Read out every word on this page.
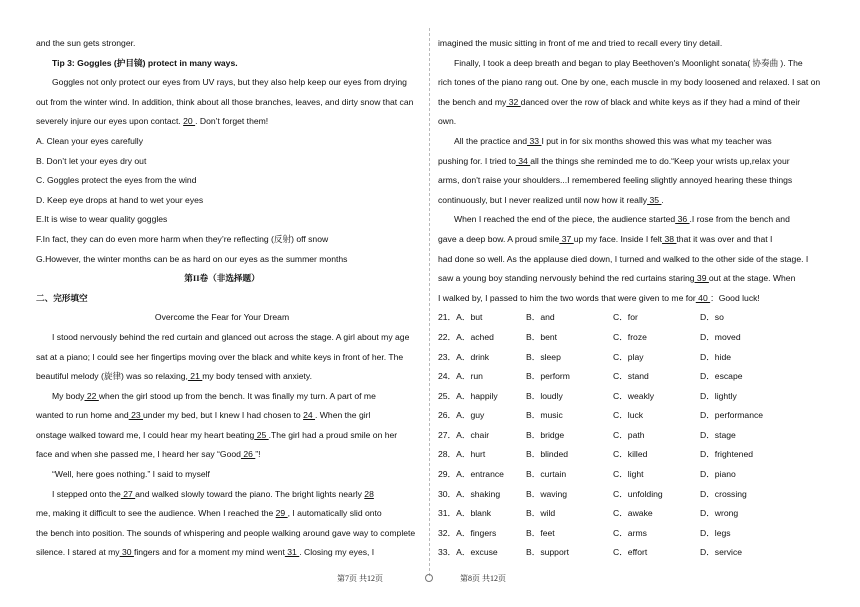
and the sun gets stronger.
Tip 3: Goggles (护目镜) protect in many ways.
Goggles not only protect our eyes from UV rays, but they also help keep our eyes from drying
out from the winter wind. In addition, think about all those branches, leaves, and dirty snow that can
severely injure our eyes upon contact. 20 . Don’t forget them!
A. Clean your eyes carefully
B. Don’t let your eyes dry out
C. Goggles protect the eyes from the wind
D. Keep eye drops at hand to wet your eyes
E.It is wise to wear quality goggles
F.In fact, they can do even more harm when they’re reflecting (反射) off snow
G.However, the winter months can be as hard on our eyes as the summer months
第II卷（非选择题）
二、完形填空
Overcome the Fear for Your Dream
I stood nervously behind the red curtain and glanced out across the stage. A girl about my age
sat at a piano; I could see her fingertips moving over the black and white keys in front of her. The
beautiful melody (旋律) was so relaxing, 21 my body tensed with anxiety.
My body 22 when the girl stood up from the bench. It was finally my turn. A part of me
wanted to run home and 23 under my bed, but I knew I had chosen to 24 . When the girl
onstage walked toward me, I could hear my heart beating 25 .The girl had a proud smile on her
face and when she passed me, I heard her say “Good 26 ”!
“Well, here goes nothing.” I said to myself
I stepped onto the 27 and walked slowly toward the piano. The bright lights nearly 28
me, making it difficult to see the audience. When I reached the 29 , I automatically slid onto
the bench into position. The sounds of whispering and people walking around gave way to complete
silence. I stared at my 30 fingers and for a moment my mind went 31 . Closing my eyes, I
imagined the music sitting in front of me and tried to recall every tiny detail.
Finally, I took a deep breath and began to play Beethoven's Moonlight sonata( 协奏曲 ). The
rich tones of the piano rang out. One by one, each muscle in my body loosened and relaxed. I sat on
the bench and my 32 danced over the row of black and white keys as if they had a mind of their
own.
All the practice and 33 I put in for six months showed this was what my teacher was
pushing for. I tried to 34 all the things she reminded me to do.“Keep your wrists up,relax your
arms, don't raise your shoulders...I remembered feeling slightly annoyed hearing these things
continuously, but I never realized until now how it really 35 .
When I reached the end of the piece, the audience started 36 .I rose from the bench and
gave a deep bow. A proud smile 37 up my face. Inside I felt 38 that it was over and that I
had done so well. As the applause died down, I turned and walked to the other side of the stage. I
saw a young boy standing nervously behind the red curtains staring 39 out at the stage. When
I walked by, I passed to him the two words that were given to me for 40 ：Good luck!
21．A．but	B．and	C．for	D．so
22．A．ached	B．bent	C．froze	D．moved
23．A．drink	B．sleep	C．play	D．hide
24．A．run	B．perform	C．stand	D．escape
25．A．happily	B．loudly	C．weakly	D．lightly
26．A．guy	B．music	C．luck	D．performance
27．A．chair	B．bridge	C．path	D．stage
28．A．hurt	B．blinded	C．killed	D．frightened
29．A．entrance	B．curtain	C．light	D．piano
30．A．shaking	B．waving	C．unfolding	D．crossing
31．A．blank	B．wild	C．awake	D．wrong
32．A．fingers	B．feet	C．arms	D．legs
33．A．excuse	B．support	C．effort	D．service
第7页 共12页	第8页 共12页
